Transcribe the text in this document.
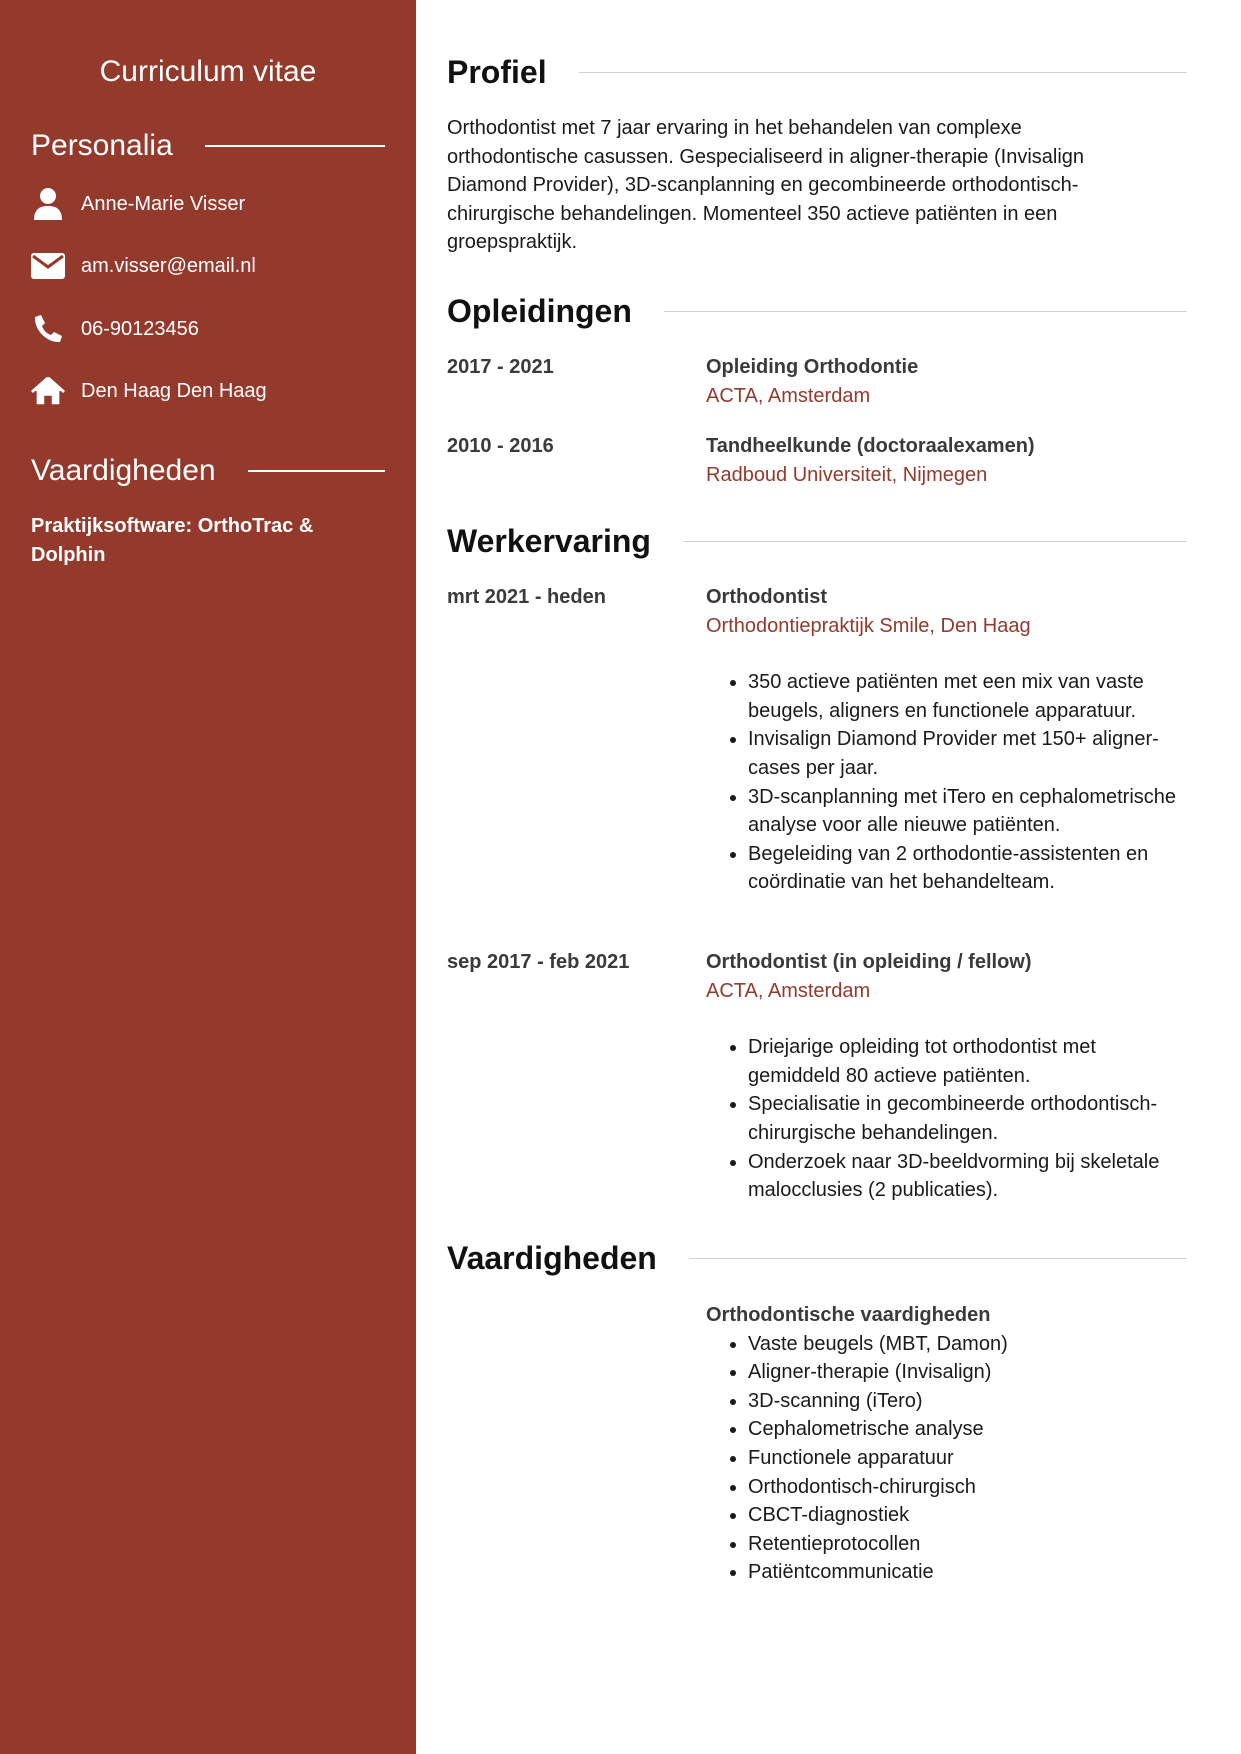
Curriculum vitae
Personalia
Anne-Marie Visser
am.visser@email.nl
06-90123456
Den Haag Den Haag
Vaardigheden
Praktijksoftware: OrthoTrac & Dolphin
Profiel
Orthodontist met 7 jaar ervaring in het behandelen van complexe orthodontische casussen. Gespecialiseerd in aligner-therapie (Invisalign Diamond Provider), 3D-scanplanning en gecombineerde orthodontisch-chirurgische behandelingen. Momenteel 350 actieve patiënten in een groepspraktijk.
Opleidingen
2017 - 2021	Opleiding Orthodontie
ACTA, Amsterdam
2010 - 2016	Tandheelkunde (doctoraalexamen)
Radboud Universiteit, Nijmegen
Werkervaring
mrt 2021 - heden	Orthodontist
Orthodontiepraktijk Smile, Den Haag
• 350 actieve patiënten met een mix van vaste beugels, aligners en functionele apparatuur.
• Invisalign Diamond Provider met 150+ aligner-cases per jaar.
• 3D-scanplanning met iTero en cephalometrische analyse voor alle nieuwe patiënten.
• Begeleiding van 2 orthodontie-assistenten en coördinatie van het behandelteam.
sep 2017 - feb 2021	Orthodontist (in opleiding / fellow)
ACTA, Amsterdam
• Driejarige opleiding tot orthodontist met gemiddeld 80 actieve patiënten.
• Specialisatie in gecombineerde orthodontisch-chirurgische behandelingen.
• Onderzoek naar 3D-beeldvorming bij skeletale malocclusies (2 publicaties).
Vaardigheden
Orthodontische vaardigheden
• Vaste beugels (MBT, Damon)
• Aligner-therapie (Invisalign)
• 3D-scanning (iTero)
• Cephalometrische analyse
• Functionele apparatuur
• Orthodontisch-chirurgisch
• CBCT-diagnostiek
• Retentieprotocollen
• Patiëntcommunicatie
